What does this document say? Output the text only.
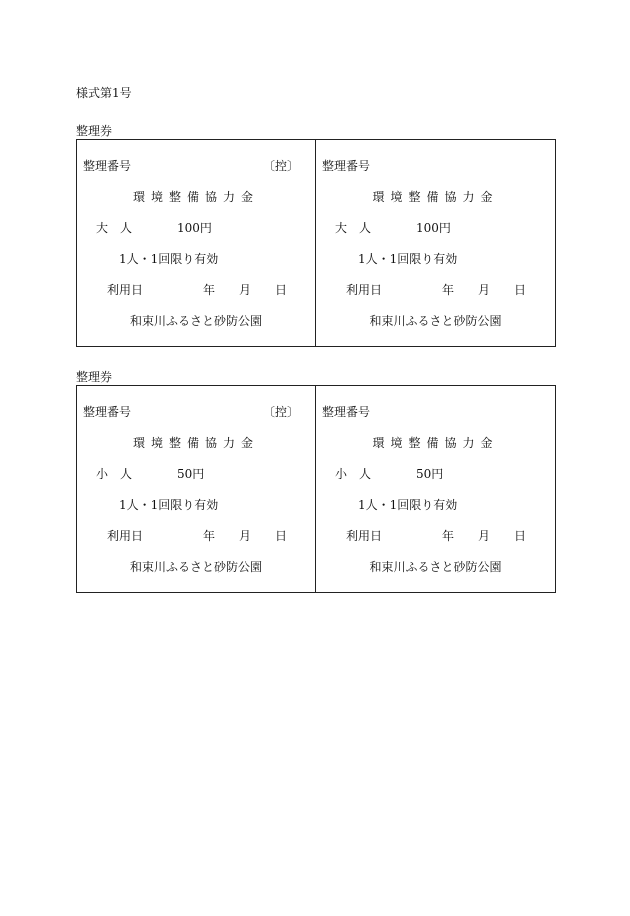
様式第1号
整理券
整理番号	〔控〕
環境整備協力金
大人	100円
1人・1回限り有効
利用日	年 月 日
和束川ふるさと砂防公園
整理番号
環境整備協力金
大人	100円
1人・1回限り有効
利用日	年 月 日
和束川ふるさと砂防公園
整理券
整理番号	〔控〕
環境整備協力金
小人	50円
1人・1回限り有効
利用日	年 月 日
和束川ふるさと砂防公園
整理番号
環境整備協力金
小人	50円
1人・1回限り有効
利用日	年 月 日
和束川ふるさと砂防公園
